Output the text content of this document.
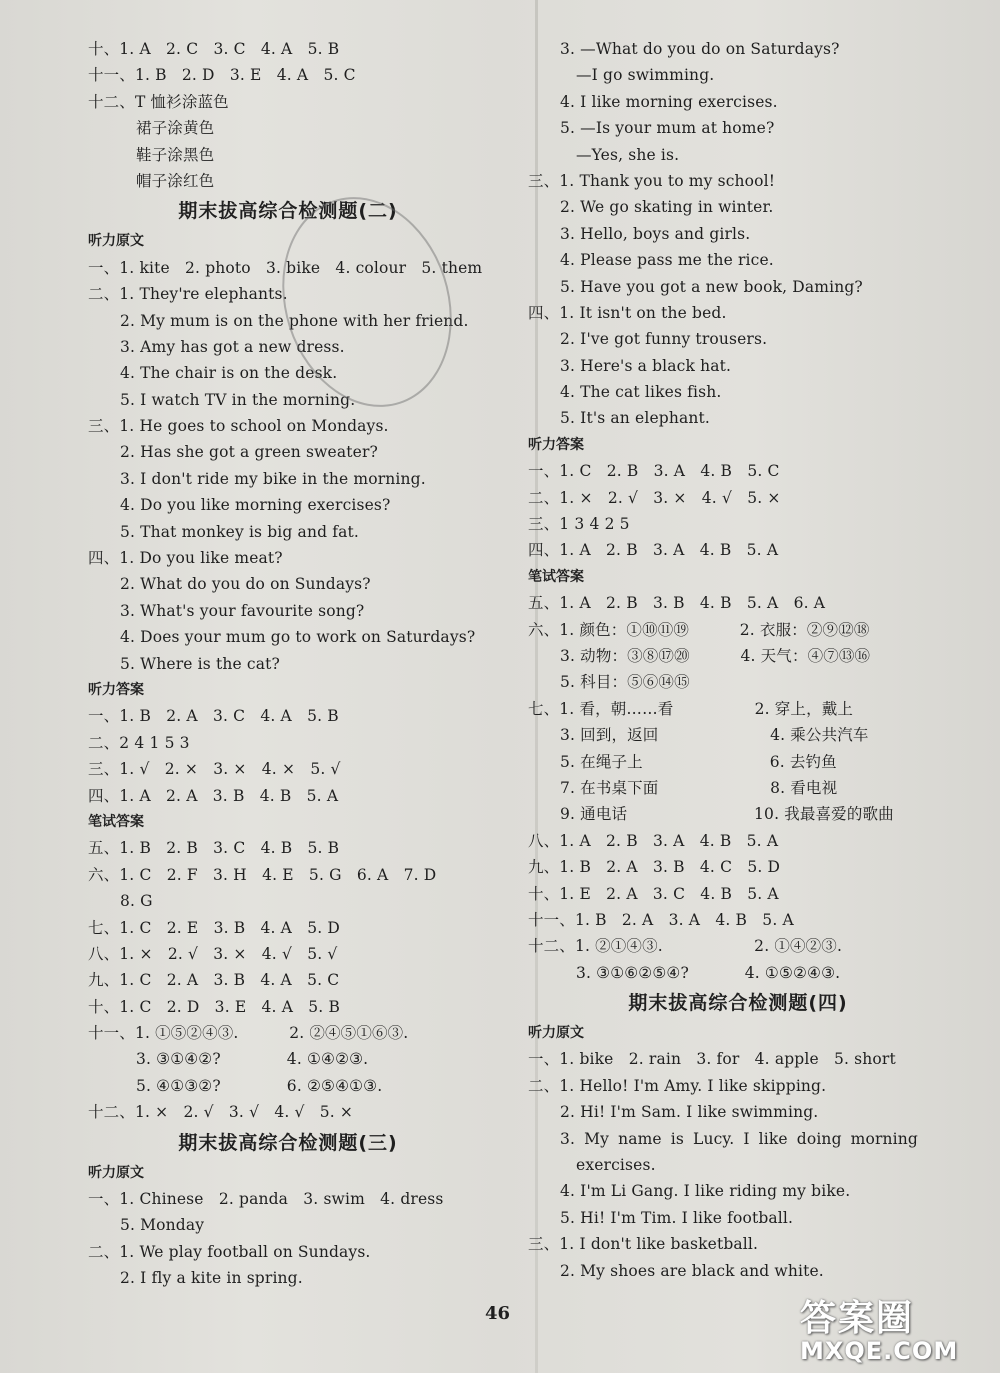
十、1. A   2. C   3. C   4. A   5. B
十一、1. B   2. D   3. E   4. A   5. C
十二、T 恤衫涂蓝色
裙子涂黄色
鞋子涂黑色
帽子涂红色
期末拔高综合检测题(二)
听力原文
一、1. kite   2. photo   3. bike   4. colour   5. them
二、1. They're elephants.
2. My mum is on the phone with her friend.
3. Amy has got a new dress.
4. The chair is on the desk.
5. I watch TV in the morning.
三、1. He goes to school on Mondays.
2. Has she got a green sweater?
3. I don't ride my bike in the morning.
4. Do you like morning exercises?
5. That monkey is big and fat.
四、1. Do you like meat?
2. What do you do on Sundays?
3. What's your favourite song?
4. Does your mum go to work on Saturdays?
5. Where is the cat?
听力答案
一、1. B   2. A   3. C   4. A   5. B
二、2 4 1 5 3
三、1. √   2. ×   3. ×   4. ×   5. √
四、1. A   2. A   3. B   4. B   5. A
笔试答案
五、1. B   2. B   3. C   4. B   5. B
六、1. C   2. F   3. H   4. E   5. G   6. A   7. D
8. G
七、1. C   2. E   3. B   4. A   5. D
八、1. ×   2. √   3. ×   4. √   5. √
九、1. C   2. A   3. B   4. A   5. C
十、1. C   2. D   3. E   4. A   5. B
十一、1. ①⑤②④③.          2. ②④⑤①⑥③.
3. ③①④②?             4. ①④②③.
5. ④①③②?             6. ②⑤④①③.
十二、1. ×   2. √   3. √   4. √   5. ×
期末拔高综合检测题(三)
听力原文
一、1. Chinese   2. panda   3. swim   4. dress
5. Monday
二、1. We play football on Sundays.
2. I fly a kite in spring.
3. —What do you do on Saturdays?
—I go swimming.
4. I like morning exercises.
5. —Is your mum at home?
—Yes, she is.
三、1. Thank you to my school!
2. We go skating in winter.
3. Hello, boys and girls.
4. Please pass me the rice.
5. Have you got a new book, Daming?
四、1. It isn't on the bed.
2. I've got funny trousers.
3. Here's a black hat.
4. The cat likes fish.
5. It's an elephant.
听力答案
一、1. C   2. B   3. A   4. B   5. C
二、1. ×   2. √   3. ×   4. √   5. ×
三、1 3 4 2 5
四、1. A   2. B   3. A   4. B   5. A
笔试答案
五、1. A   2. B   3. B   4. B   5. A   6. A
六、1. 颜色：①⑩⑪⑲          2. 衣服：②⑨⑫⑱
3. 动物：③⑧⑰⑳          4. 天气：④⑦⑬⑯
5. 科目：⑤⑥⑭⑮
七、1. 看，朝……看                2. 穿上，戴上
3. 回到，返回                      4. 乘公共汽车
5. 在绳子上                         6. 去钓鱼
7. 在书桌下面                      8. 看电视
9. 通电话                         10. 我最喜爱的歌曲
八、1. A   2. B   3. A   4. B   5. A
九、1. B   2. A   3. B   4. C   5. D
十、1. E   2. A   3. C   4. B   5. A
十一、1. B   2. A   3. A   4. B   5. A
十二、1. ②①④③.                  2. ①④②③.
3. ③①⑥②⑤④?           4. ①⑤②④③.
期末拔高综合检测题(四)
听力原文
一、1. bike   2. rain   3. for   4. apple   5. short
二、1. Hello! I'm Amy. I like skipping.
2. Hi! I'm Sam. I like swimming.
3. My name is Lucy. I like doing morning
exercises.
4. I'm Li Gang. I like riding my bike.
5. Hi! I'm Tim. I like football.
三、1. I don't like basketball.
2. My shoes are black and white.
46	答案圈
MXQE.COM
